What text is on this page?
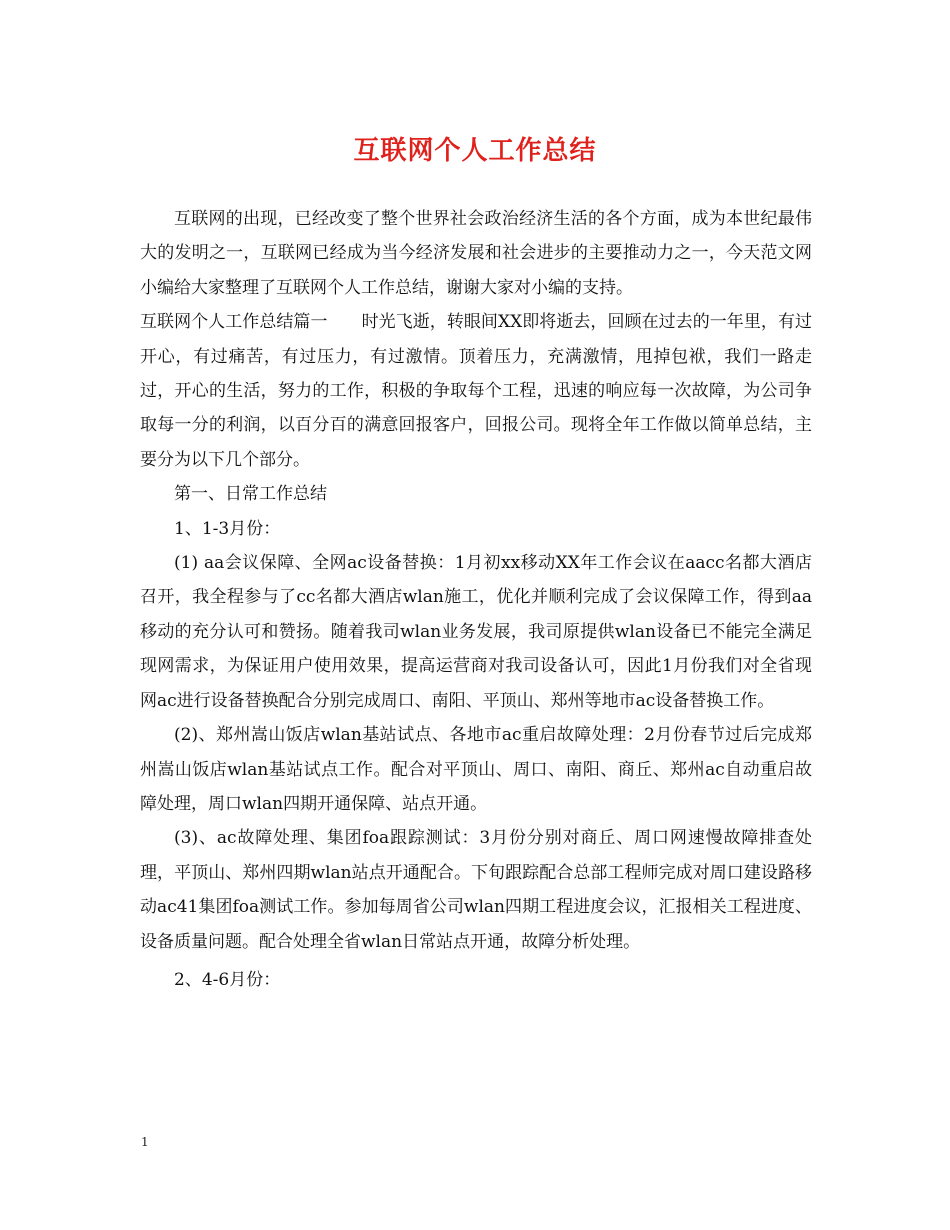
互联网个人工作总结

互联网的出现，已经改变了整个世界社会政治经济生活的各个方面，成为本世纪最伟大的发明之一，互联网已经成为当今经济发展和社会进步的主要推动力之一，今天范文网小编给大家整理了互联网个人工作总结，谢谢大家对小编的支持。

互联网个人工作总结篇一　　时光飞逝，转眼间XX即将逝去，回顾在过去的一年里，有过开心，有过痛苦，有过压力，有过激情。顶着压力，充满激情，甩掉包袱，我们一路走过，开心的生活，努力的工作，积极的争取每个工程，迅速的响应每一次故障，为公司争取每一分的利润，以百分百的满意回报客户，回报公司。现将全年工作做以简单总结，主要分为以下几个部分。

第一、日常工作总结

1、1-3月份：

(1) aa会议保障、全网ac设备替换：1月初xx移动XX年工作会议在aacc名都大酒店召开，我全程参与了cc名都大酒店wlan施工，优化并顺利完成了会议保障工作，得到aa移动的充分认可和赞扬。随着我司wlan业务发展，我司原提供wlan设备已不能完全满足现网需求，为保证用户使用效果，提高运营商对我司设备认可，因此1月份我们对全省现网ac进行设备替换配合分别完成周口、南阳、平顶山、郑州等地市ac设备替换工作。

(2)、郑州嵩山饭店wlan基站试点、各地市ac重启故障处理：2月份春节过后完成郑州嵩山饭店wlan基站试点工作。配合对平顶山、周口、南阳、商丘、郑州ac自动重启故障处理，周口wlan四期开通保障、站点开通。

(3)、ac故障处理、集团foa跟踪测试：3月份分别对商丘、周口网速慢故障排查处理，平顶山、郑州四期wlan站点开通配合。下旬跟踪配合总部工程师完成对周口建设路移动ac41集团foa测试工作。参加每周省公司wlan四期工程进度会议，汇报相关工程进度、设备质量问题。配合处理全省wlan日常站点开通，故障分析处理。

2、4-6月份：

1
